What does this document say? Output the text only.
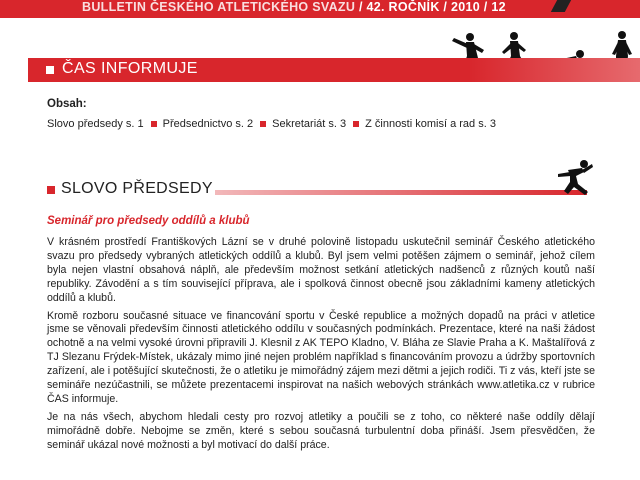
BULLETIN ČESKÉHO ATLETICKÉHO SVAZU / 42. ROČNÍK / 2010 / 12
ČAS INFORMUJE
Obsah:
Slovo předsedy s. 1 Předsednictvo s. 2 Sekretariát s. 3 Z činnosti komisí a rad s. 3
SLOVO PŘEDSEDY
Seminář pro předsedy oddílů a klubů

V krásném prostředí Františkových Lázní se v druhé polovině listopadu uskutečnil seminář Českého atletického svazu pro předsedy vybraných atletických oddílů a klubů. Byl jsem velmi potěšen zájmem o seminář, jehož cílem byla nejen vlastní obsahová náplň, ale především možnost setkání atletických nadšenců z různých koutů naší republiky. Závodění a s tím související příprava, ale i spolková činnost obecně jsou základními kameny atletických oddílů a klubů.

Kromě rozboru současné situace ve financování sportu v České republice a možných dopadů na práci v atletice jsme se věnovali především činnosti atletického oddílu v současných podmínkách. Prezentace, které na naši žádost ochotně a na velmi vysoké úrovni připravili J. Klesnil z AK TEPO Kladno, V. Bláha ze Slavie Praha a K. Maštalířová z TJ Slezanu Frýdek-Místek, ukázaly mimo jiné nejen problém například s financováním provozu a údržby sportovních zařízení, ale i potěšující skutečnosti, že o atletiku je mimořádný zájem mezi dětmi a jejich rodiči. Ti z vás, kteří jste se semináře nezúčastnili, se můžete prezentacemi inspirovat na našich webových stránkách www.atletika.cz v rubrice ČAS informuje.

Je na nás všech, abychom hledali cesty pro rozvoj atletiky a poučili se z toho, co některé naše oddíly dělají mimořádně dobře. Nebojme se změn, které s sebou současná turbulentní doba přináší. Jsem přesvědčen, že seminář ukázal nové možnosti a byl motivací do další práce.
